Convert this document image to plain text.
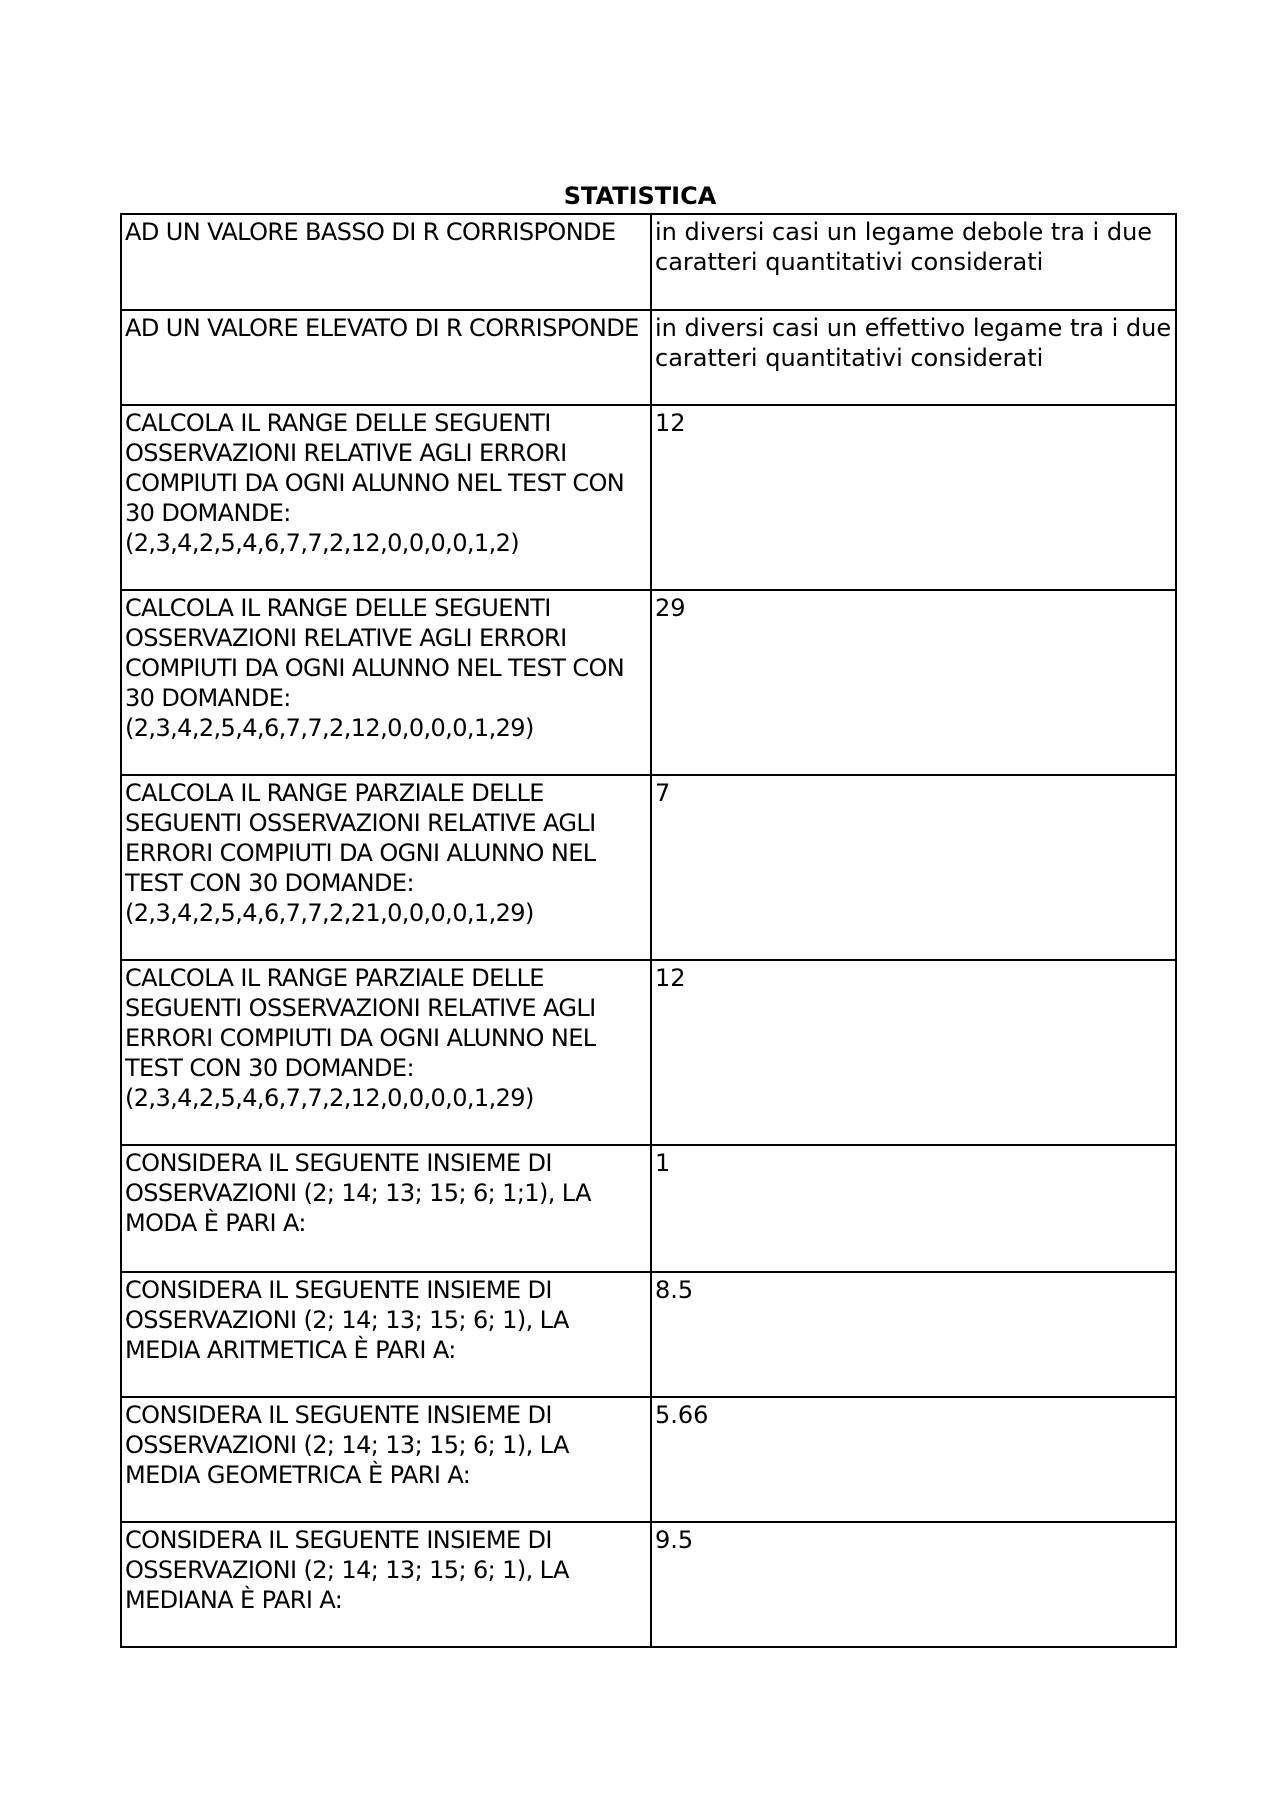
STATISTICA
AD UN VALORE BASSO DI R CORRISPONDE	in diversi casi un legame debole tra i due caratteri quantitativi considerati
AD UN VALORE ELEVATO DI R CORRISPONDE	in diversi casi un effettivo legame tra i due caratteri quantitativi considerati
CALCOLA IL RANGE DELLE SEGUENTI OSSERVAZIONI RELATIVE AGLI ERRORI COMPIUTI DA OGNI ALUNNO NEL TEST CON 30 DOMANDE: (2,3,4,2,5,4,6,7,7,2,12,0,0,0,0,1,2)	12
CALCOLA IL RANGE DELLE SEGUENTI OSSERVAZIONI RELATIVE AGLI ERRORI COMPIUTI DA OGNI ALUNNO NEL TEST CON 30 DOMANDE: (2,3,4,2,5,4,6,7,7,2,12,0,0,0,0,1,29)	29
CALCOLA IL RANGE PARZIALE DELLE SEGUENTI OSSERVAZIONI RELATIVE AGLI ERRORI COMPIUTI DA OGNI ALUNNO NEL TEST CON 30 DOMANDE: (2,3,4,2,5,4,6,7,7,2,21,0,0,0,0,1,29)	7
CALCOLA IL RANGE PARZIALE DELLE SEGUENTI OSSERVAZIONI RELATIVE AGLI ERRORI COMPIUTI DA OGNI ALUNNO NEL TEST CON 30 DOMANDE: (2,3,4,2,5,4,6,7,7,2,12,0,0,0,0,1,29)	12
CONSIDERA IL SEGUENTE INSIEME DI OSSERVAZIONI (2; 14; 13; 15; 6; 1;1), LA MODA È PARI A:	1
CONSIDERA IL SEGUENTE INSIEME DI OSSERVAZIONI (2; 14; 13; 15; 6; 1), LA MEDIA ARITMETICA È PARI A:	8.5
CONSIDERA IL SEGUENTE INSIEME DI OSSERVAZIONI (2; 14; 13; 15; 6; 1), LA MEDIA GEOMETRICA È PARI A:	5.66
CONSIDERA IL SEGUENTE INSIEME DI OSSERVAZIONI (2; 14; 13; 15; 6; 1), LA MEDIANA È PARI A:	9.5
